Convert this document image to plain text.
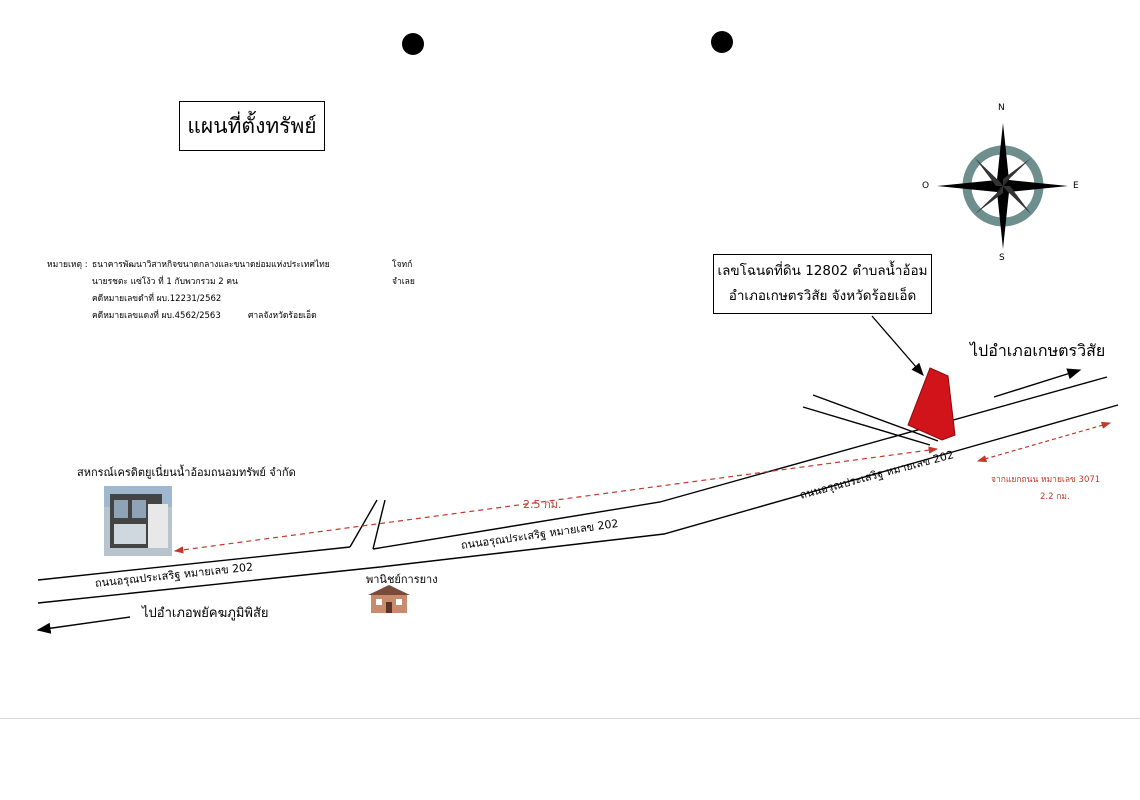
แผนที่ตั้งทรัพย์
หมายเหตุ : ธนาคารพัฒนาวิสาหกิจขนาดกลางและขนาดย่อมแห่งประเทศไทย
นายรชตะ แซ่โง้ว ที่ 1 กับพวกรวม 2 คน
คดีหมายเลขดำที่ ผบ.12231/2562
คดีหมายเลขแดงที่ ผบ.4562/2563
โจทก์
จำเลย
ศาลจังหวัดร้อยเอ็ด
เลขโฉนดที่ดิน 12802 ตำบลน้ำอ้อม
อำเภอเกษตรวิสัย จังหวัดร้อยเอ็ด
N
S
E
O
ไปอำเภอเกษตรวิสัย
ไปอำเภอพยัคฆภูมิพิสัย
ถนนอรุณประเสริฐ หมายเลข 202
ถนนอรุณประเสริฐ หมายเลข 202
ถนนอรุณประเสริฐ หมายเลข 202
2.5 กม.
จากแยกถนน หมายเลข 3071
2.2 กม.
สหกรณ์เครดิตยูเนี่ยนน้ำอ้อมถนอมทรัพย์ จำกัด
พานิชย์การยาง
